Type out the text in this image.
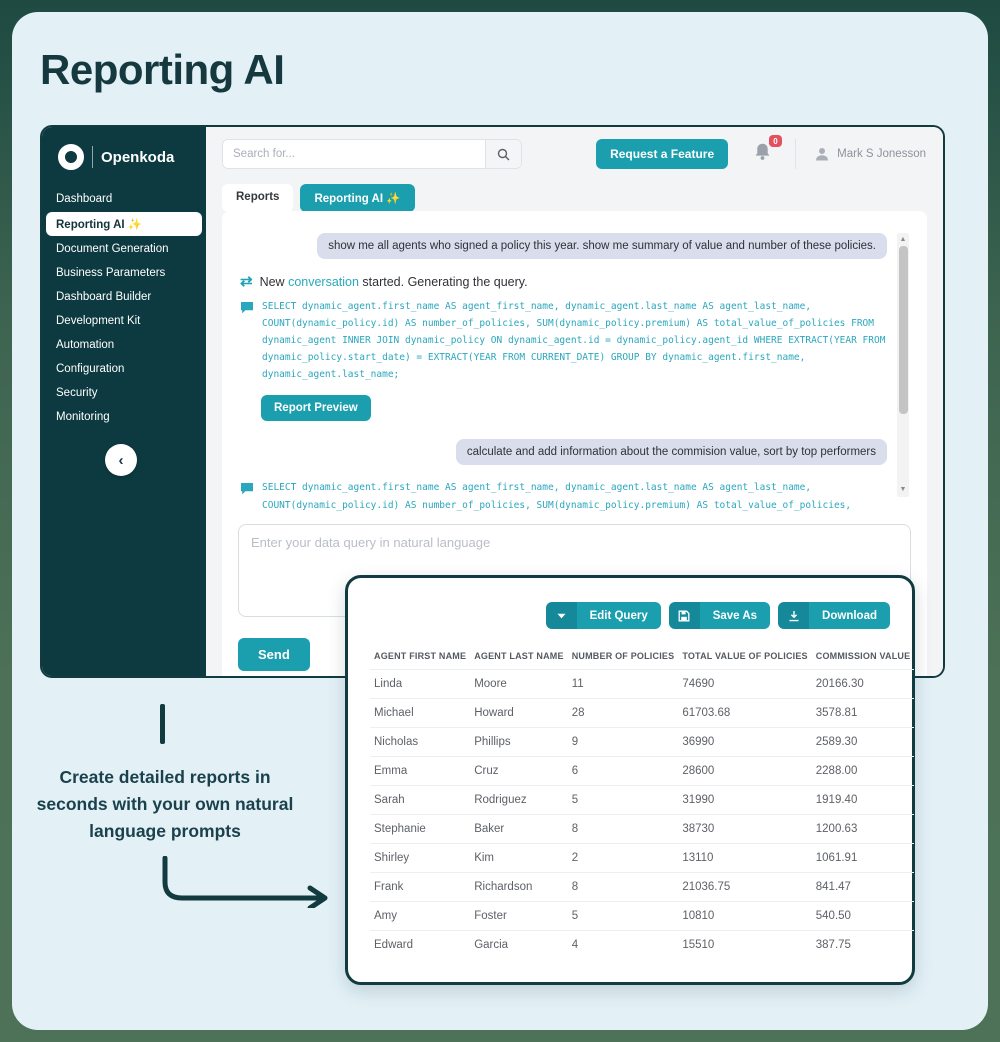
Reporting AI
Openkoda
Dashboard
Reporting AI ✨
Document Generation
Business Parameters
Dashboard Builder
Development Kit
Automation
Configuration
Security
Monitoring
‹
Search for...
Request a Feature
0
Mark S Jonesson
Reports	Reporting AI ✨
show me all agents who signed a policy this year. show me summary of value and number of these policies.
⇄ New conversation started. Generating the query.
SELECT dynamic_agent.first_name AS agent_first_name, dynamic_agent.last_name AS agent_last_name, COUNT(dynamic_policy.id) AS number_of_policies, SUM(dynamic_policy.premium) AS total_value_of_policies FROM dynamic_agent INNER JOIN dynamic_policy ON dynamic_agent.id = dynamic_policy.agent_id WHERE EXTRACT(YEAR FROM dynamic_policy.start_date) = EXTRACT(YEAR FROM CURRENT_DATE) GROUP BY dynamic_agent.first_name, dynamic_agent.last_name;
Report Preview
calculate and add information about the commision value, sort by top performers
SELECT dynamic_agent.first_name AS agent_first_name, dynamic_agent.last_name AS agent_last_name, COUNT(dynamic_policy.id) AS number_of_policies, SUM(dynamic_policy.premium) AS total_value_of_policies,
▲
▼
Enter your data query in natural language Send
Edit Query	Save As	Download
AGENT FIRST NAME	AGENT LAST NAME	NUMBER OF POLICIES	TOTAL VALUE OF POLICIES	COMMISSION VALUE
Linda	Moore	11	74690	20166.30
Michael	Howard	28	61703.68	3578.81
Nicholas	Phillips	9	36990	2589.30
Emma	Cruz	6	28600	2288.00
Sarah	Rodriguez	5	31990	1919.40
Stephanie	Baker	8	38730	1200.63
Shirley	Kim	2	13110	1061.91
Frank	Richardson	8	21036.75	841.47
Amy	Foster	5	10810	540.50
Edward	Garcia	4	15510	387.75
Create detailed reports in seconds with your own natural language prompts
